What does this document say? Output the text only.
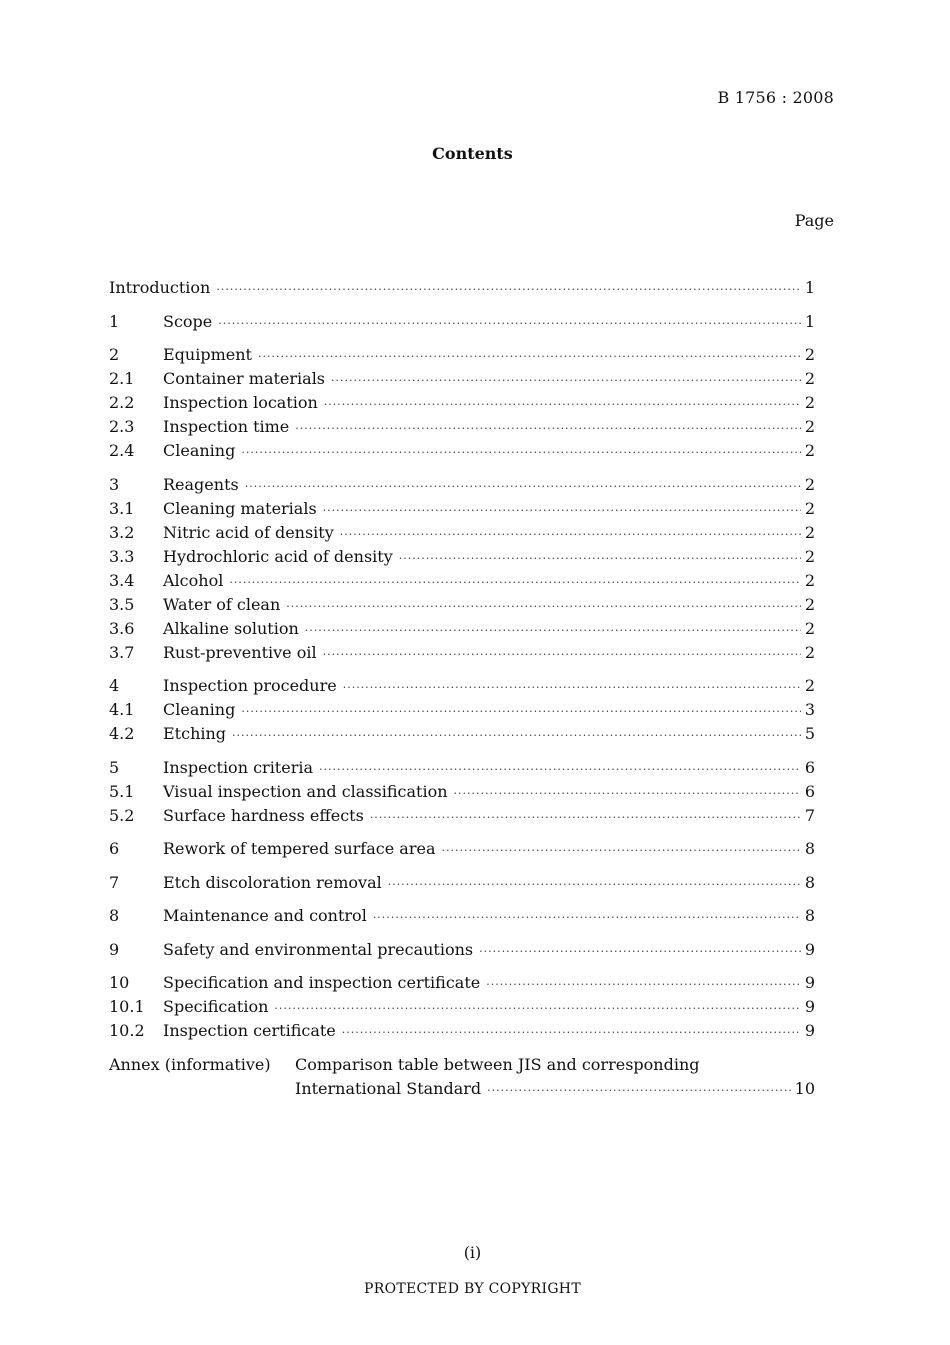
B 1756 : 2008
Contents
Page
Introduction ·····	1
1	Scope ·····	1
2	Equipment ·····	2
2.1	Container materials ·····	2
2.2	Inspection location ·····	2
2.3	Inspection time ·····	2
2.4	Cleaning ·····	2
3	Reagents ·····	2
3.1	Cleaning materials ·····	2
3.2	Nitric acid of density ·····	2
3.3	Hydrochloric acid of density ·····	2
3.4	Alcohol ·····	2
3.5	Water of clean ·····	2
3.6	Alkaline solution ·····	2
3.7	Rust-preventive oil ·····	2
4	Inspection procedure ·····	2
4.1	Cleaning ·····	3
4.2	Etching ·····	5
5	Inspection criteria ·····	6
5.1	Visual inspection and classification ·····	6
5.2	Surface hardness effects ·····	7
6	Rework of tempered surface area ·····	8
7	Etch discoloration removal ·····	8
8	Maintenance and control ·····	8
9	Safety and environmental precautions ·····	9
10	Specification and inspection certificate ·····	9
10.1	Specification ·····	9
10.2	Inspection certificate ·····	9
Annex (informative)	Comparison table between JIS and corresponding
International Standard ·····	10
(i)
PROTECTED BY COPYRIGHT
